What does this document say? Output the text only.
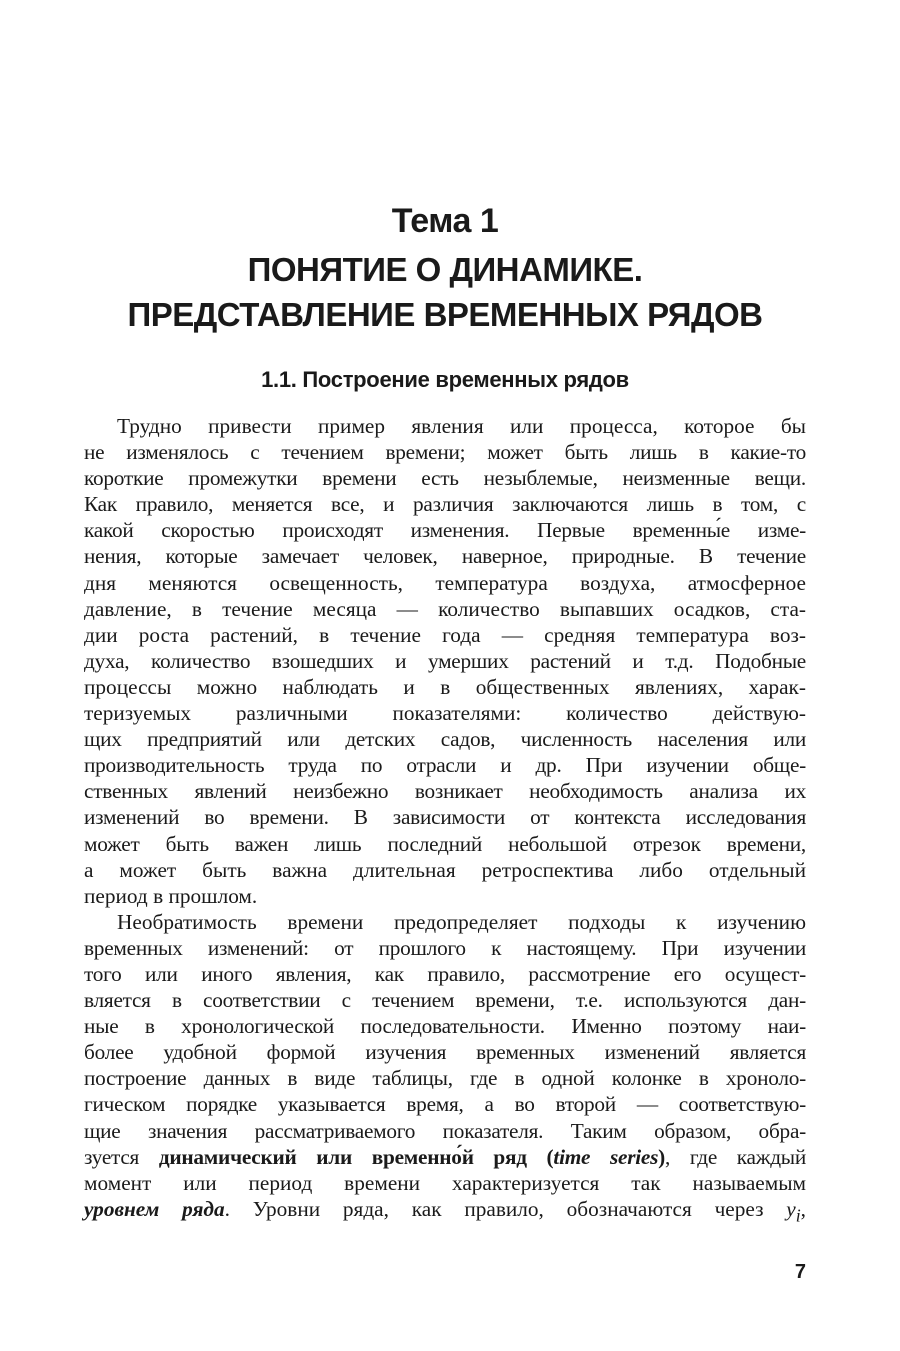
Тема 1
ПОНЯТИЕ О ДИНАМИКЕ.
ПРЕДСТАВЛЕНИЕ ВРЕМЕННЫХ РЯДОВ
1.1. Построение временных рядов
Трудно привести пример явления или процесса, которое бы
не изменялось с течением времени; может быть лишь в какие-то
короткие промежутки времени есть незыблемые, неизменные вещи.
Как правило, меняется все, и различия заключаются лишь в том, с
какой скоростью происходят изменения. Первые временны́е изме-
нения, которые замечает человек, наверное, природные. В течение
дня меняются освещенность, температура воздуха, атмосферное
давление, в течение месяца — количество выпавших осадков, ста-
дии роста растений, в течение года — средняя температура воз-
духа, количество взошедших и умерших растений и т.д. Подобные
процессы можно наблюдать и в общественных явлениях, харак-
теризуемых различными показателями: количество действую-
щих предприятий или детских садов, численность населения или
производительность труда по отрасли и др. При изучении обще-
ственных явлений неизбежно возникает необходимость анализа их
изменений во времени. В зависимости от контекста исследования
может быть важен лишь последний небольшой отрезок времени,
а может быть важна длительная ретроспектива либо отдельный
период в прошлом.
Необратимость времени предопределяет подходы к изучению
временных изменений: от прошлого к настоящему. При изучении
того или иного явления, как правило, рассмотрение его осущест-
вляется в соответствии с течением времени, т.е. используются дан-
ные в хронологической последовательности. Именно поэтому наи-
более удобной формой изучения временных изменений является
построение данных в виде таблицы, где в одной колонке в хроноло-
гическом порядке указывается время, а во второй — соответствую-
щие значения рассматриваемого показателя. Таким образом, обра-
зуется динамический или временно́й ряд (time series), где каждый
момент или период времени характеризуется так называемым
уровнем ряда. Уровни ряда, как правило, обозначаются через $y_i$,
7
